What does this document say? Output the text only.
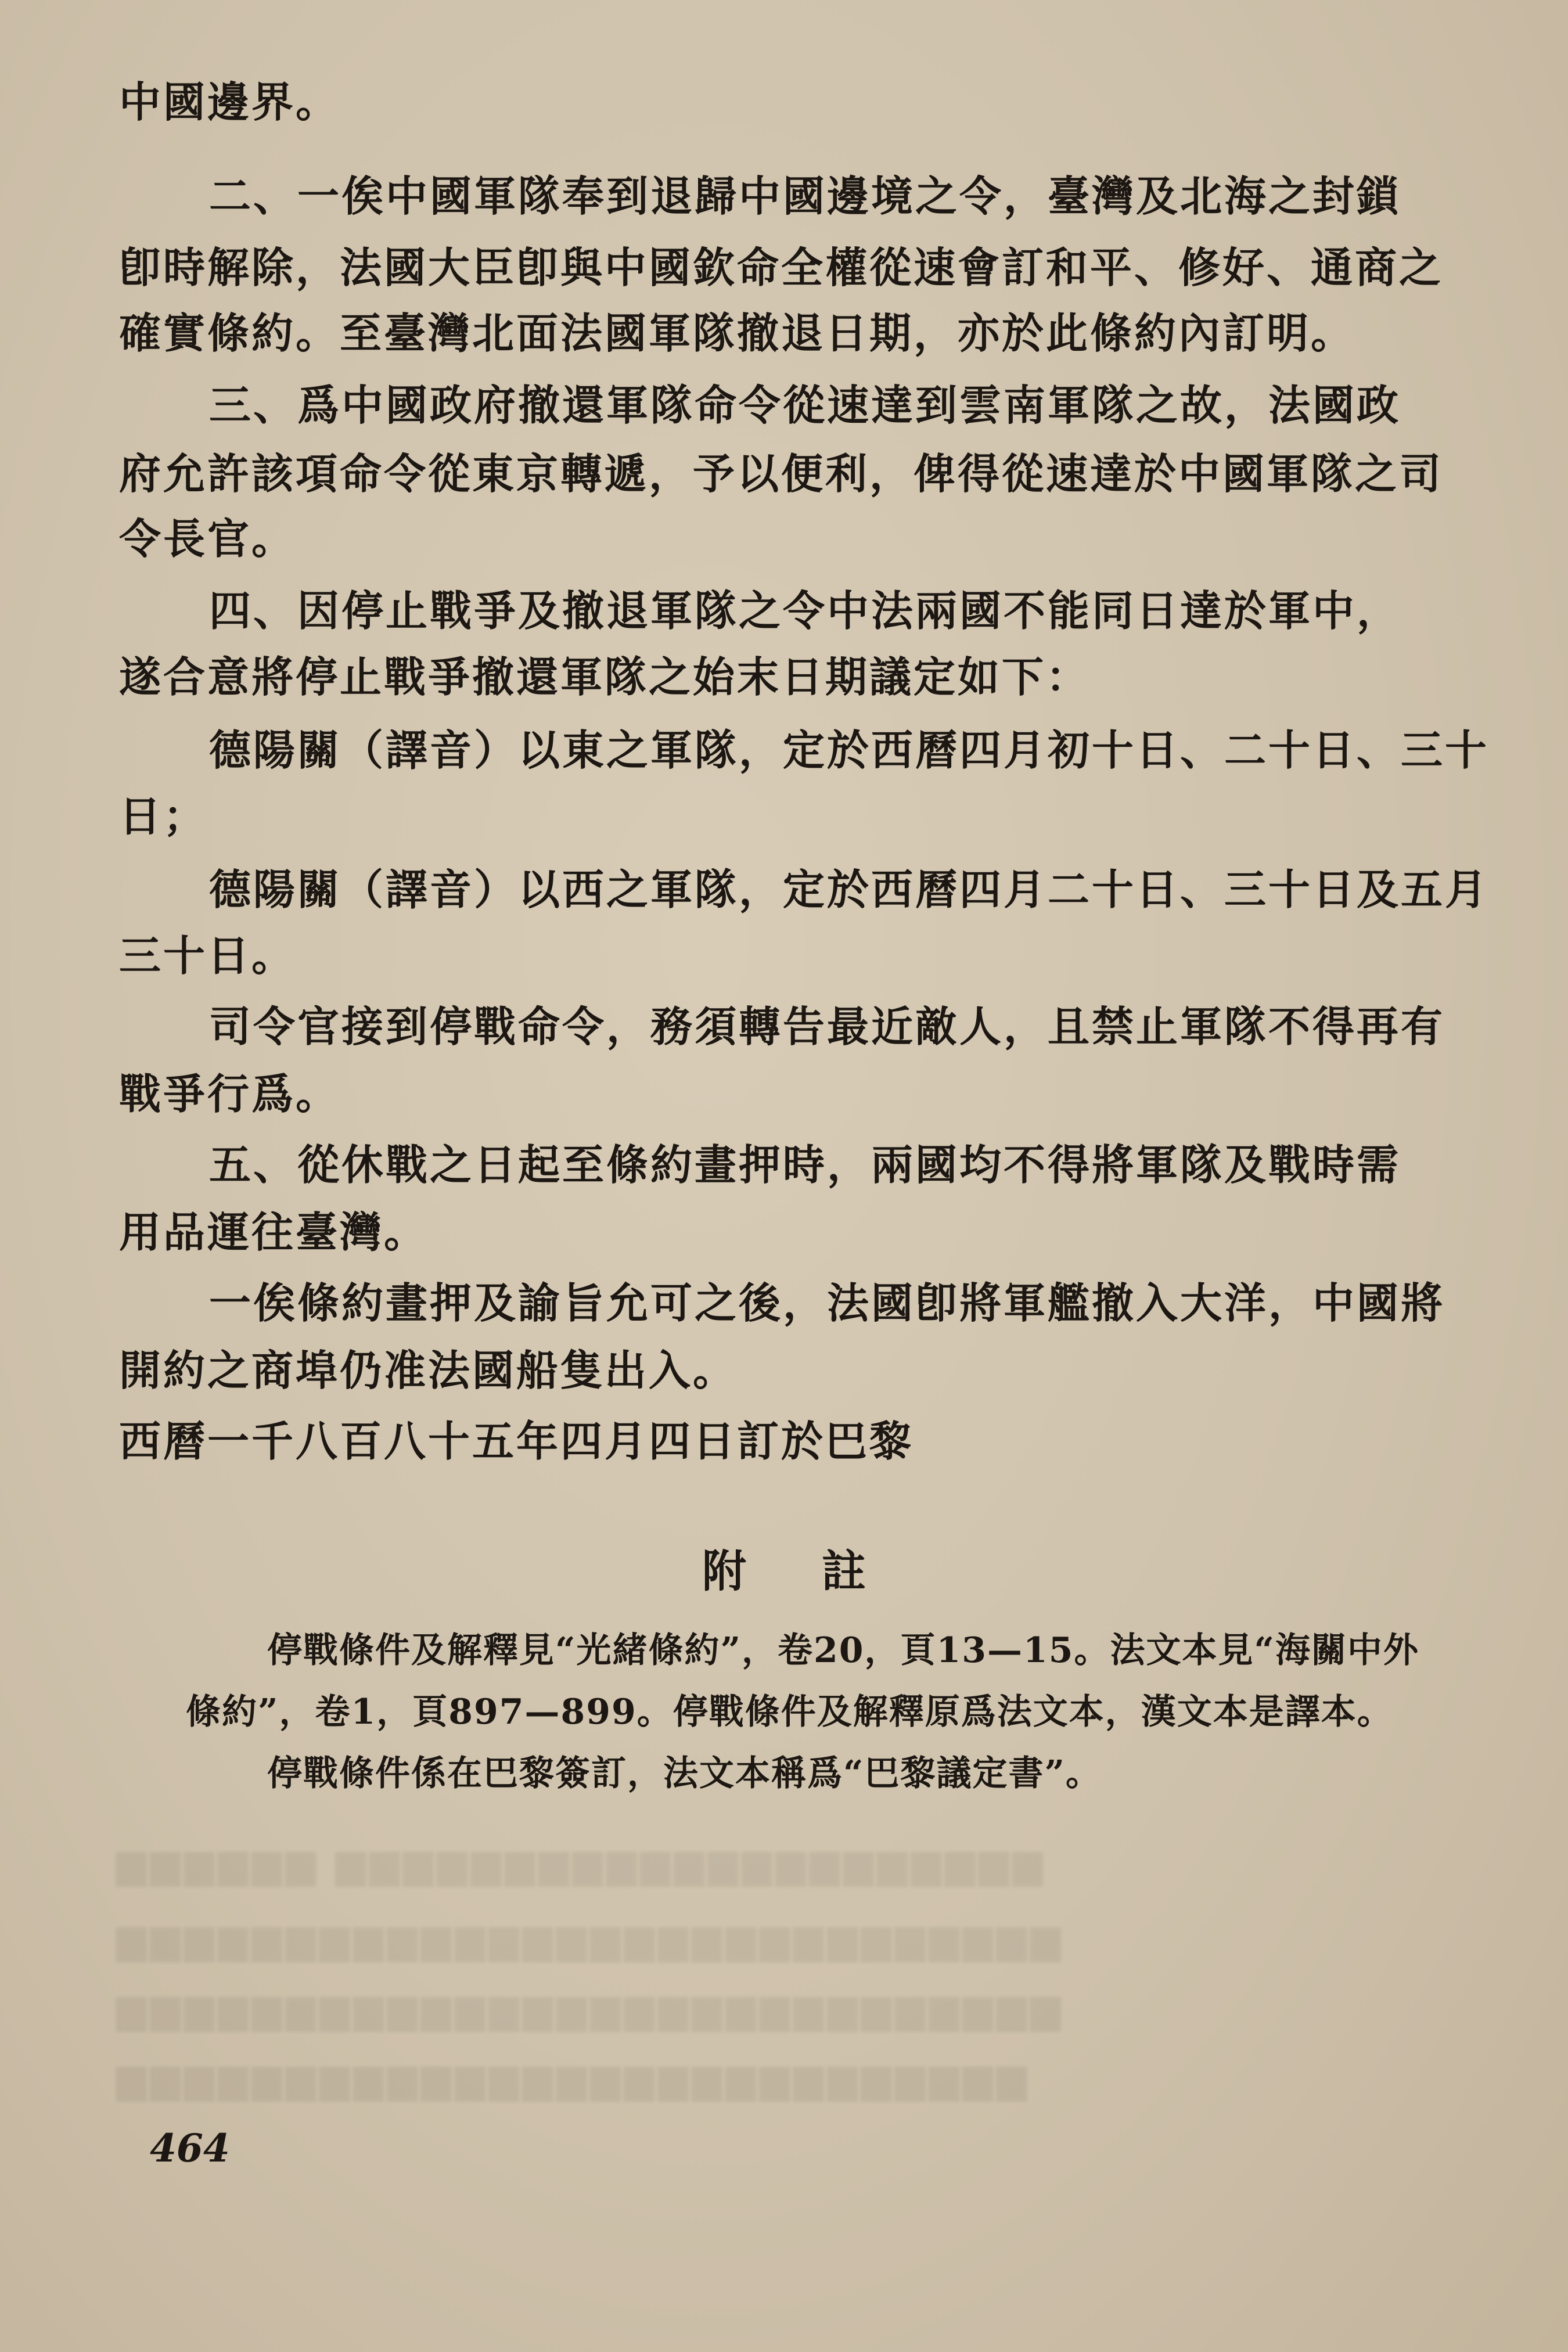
▆▆▆▆▆▆ ▆▆▆▆▆▆▆▆▆▆▆▆▆▆▆▆▆▆▆▆▆
▆▆▆▆▆▆▆▆▆▆▆▆▆▆▆▆▆▆▆▆▆▆▆▆▆▆▆▆
▆▆▆▆▆▆▆▆▆▆▆▆▆▆▆▆▆▆▆▆▆▆▆▆▆▆▆▆
▆▆▆▆▆▆▆▆▆▆▆▆▆▆▆▆▆▆▆▆▆▆▆▆▆▆▆
中國邊界。
二、一俟中國軍隊奉到退歸中國邊境之令，臺灣及北海之封鎖
卽時解除，法國大臣卽與中國欽命全權從速會訂和平、修好、通商之
確實條約。至臺灣北面法國軍隊撤退日期，亦於此條約內訂明。
三、爲中國政府撤還軍隊命令從速達到雲南軍隊之故，法國政
府允許該項命令從東京轉遞，予以便利，俾得從速達於中國軍隊之司
令長官。
四、因停止戰爭及撤退軍隊之令中法兩國不能同日達於軍中，
遂合意將停止戰爭撤還軍隊之始末日期議定如下：
德陽關（譯音）以東之軍隊，定於西曆四月初十日、二十日、三十
日；
德陽關（譯音）以西之軍隊，定於西曆四月二十日、三十日及五月
三十日。
司令官接到停戰命令，務須轉告最近敵人，且禁止軍隊不得再有
戰爭行爲。
五、從休戰之日起至條約畫押時，兩國均不得將軍隊及戰時需
用品運往臺灣。
一俟條約畫押及諭旨允可之後，法國卽將軍艦撤入大洋，中國將
開約之商埠仍准法國船隻出入。
西曆一千八百八十五年四月四日訂於巴黎
附註
停戰條件及解釋見“光緒條約”，卷20，頁13—15。法文本見“海關中外
條約”，卷1，頁897—899。停戰條件及解釋原爲法文本，漢文本是譯本。
停戰條件係在巴黎簽訂，法文本稱爲“巴黎議定書”。
464
